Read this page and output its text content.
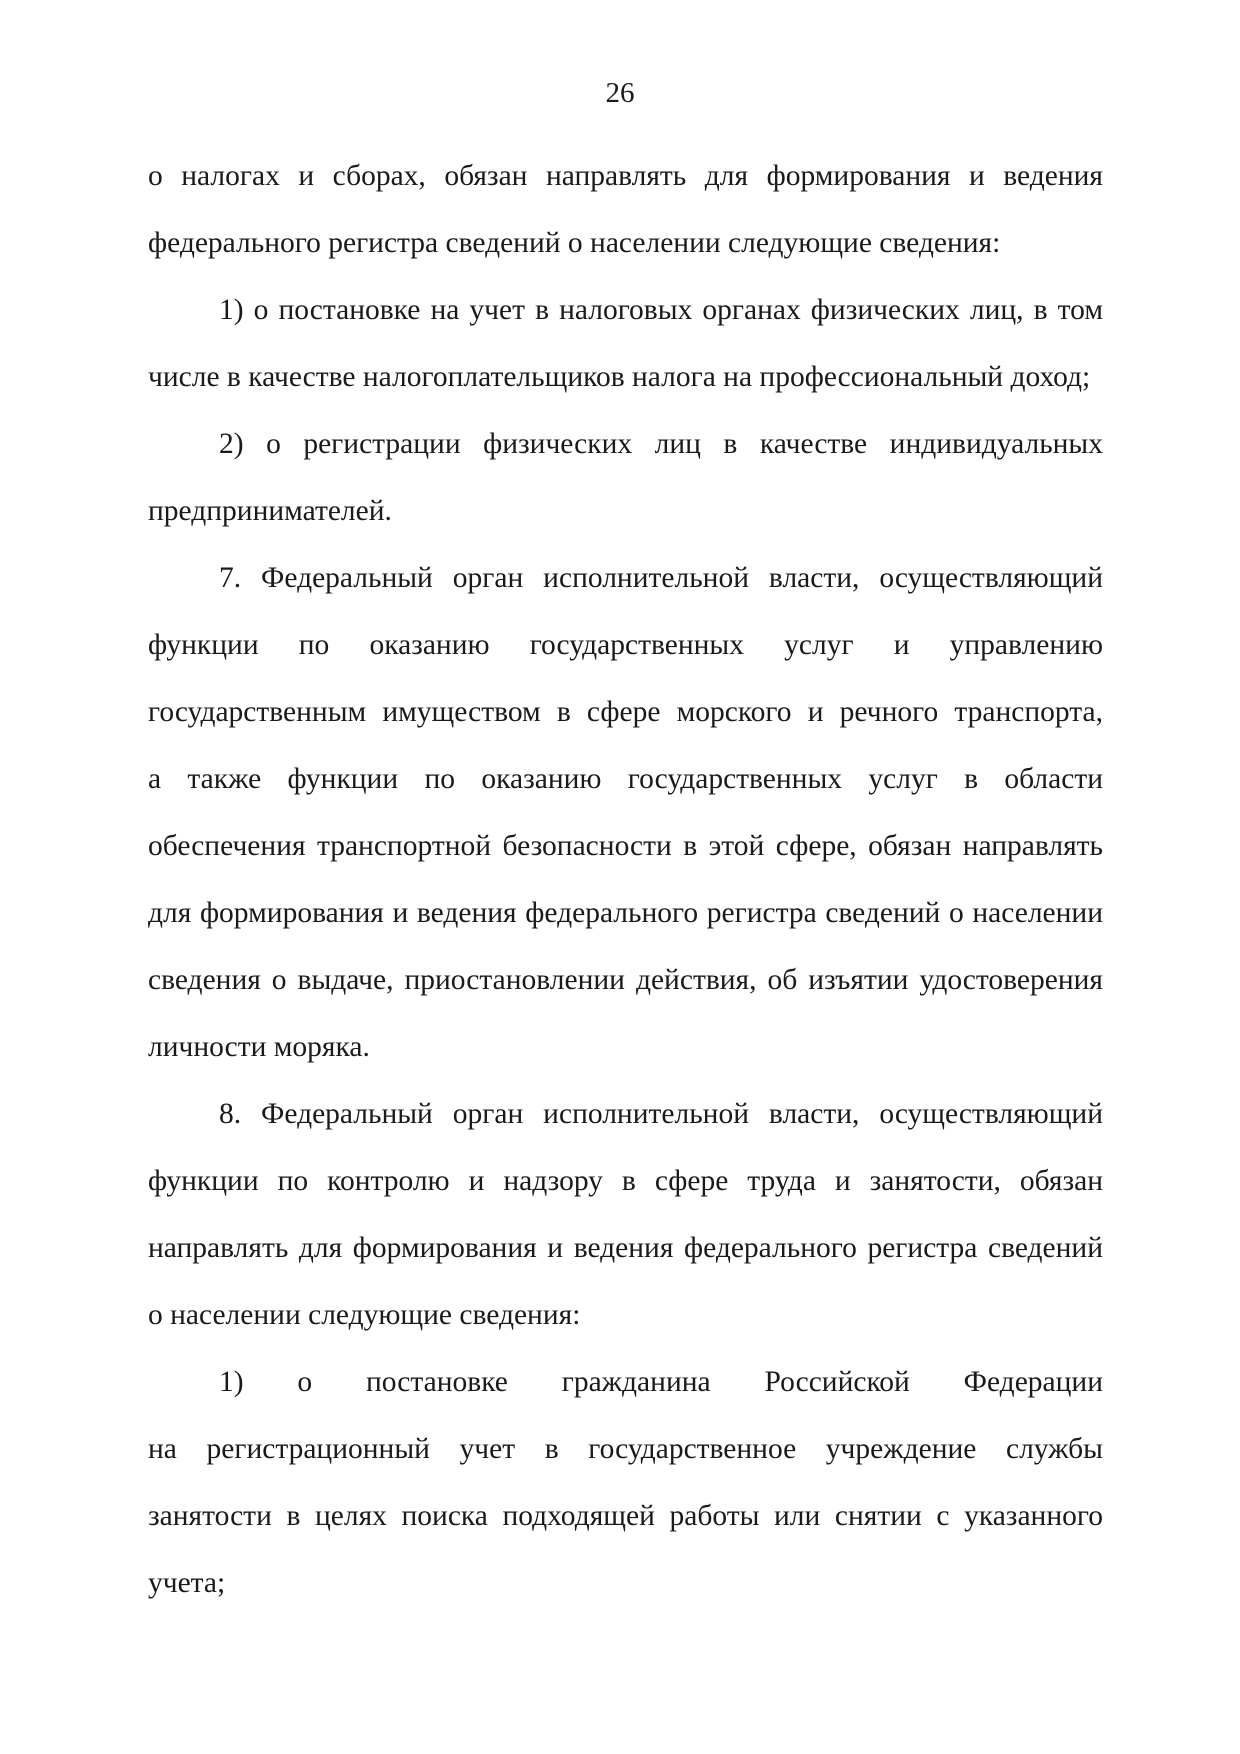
26
о налогах и сборах, обязан направлять для формирования и ведения
федерального регистра сведений о населении следующие сведения:
1) о постановке на учет в налоговых органах физических лиц, в том
числе в качестве налогоплательщиков налога на профессиональный доход;
2) о регистрации физических лиц в качестве индивидуальных
предпринимателей.
7. Федеральный орган исполнительной власти, осуществляющий
функции по оказанию государственных услуг и управлению
государственным имуществом в сфере морского и речного транспорта,
а также функции по оказанию государственных услуг в области
обеспечения транспортной безопасности в этой сфере, обязан направлять
для формирования и ведения федерального регистра сведений о населении
сведения о выдаче, приостановлении действия, об изъятии удостоверения
личности моряка.
8. Федеральный орган исполнительной власти, осуществляющий
функции по контролю и надзору в сфере труда и занятости, обязан
направлять для формирования и ведения федерального регистра сведений
о населении следующие сведения:
1) о постановке гражданина Российской Федерации
на регистрационный учет в государственное учреждение службы
занятости в целях поиска подходящей работы или снятии с указанного
учета;
